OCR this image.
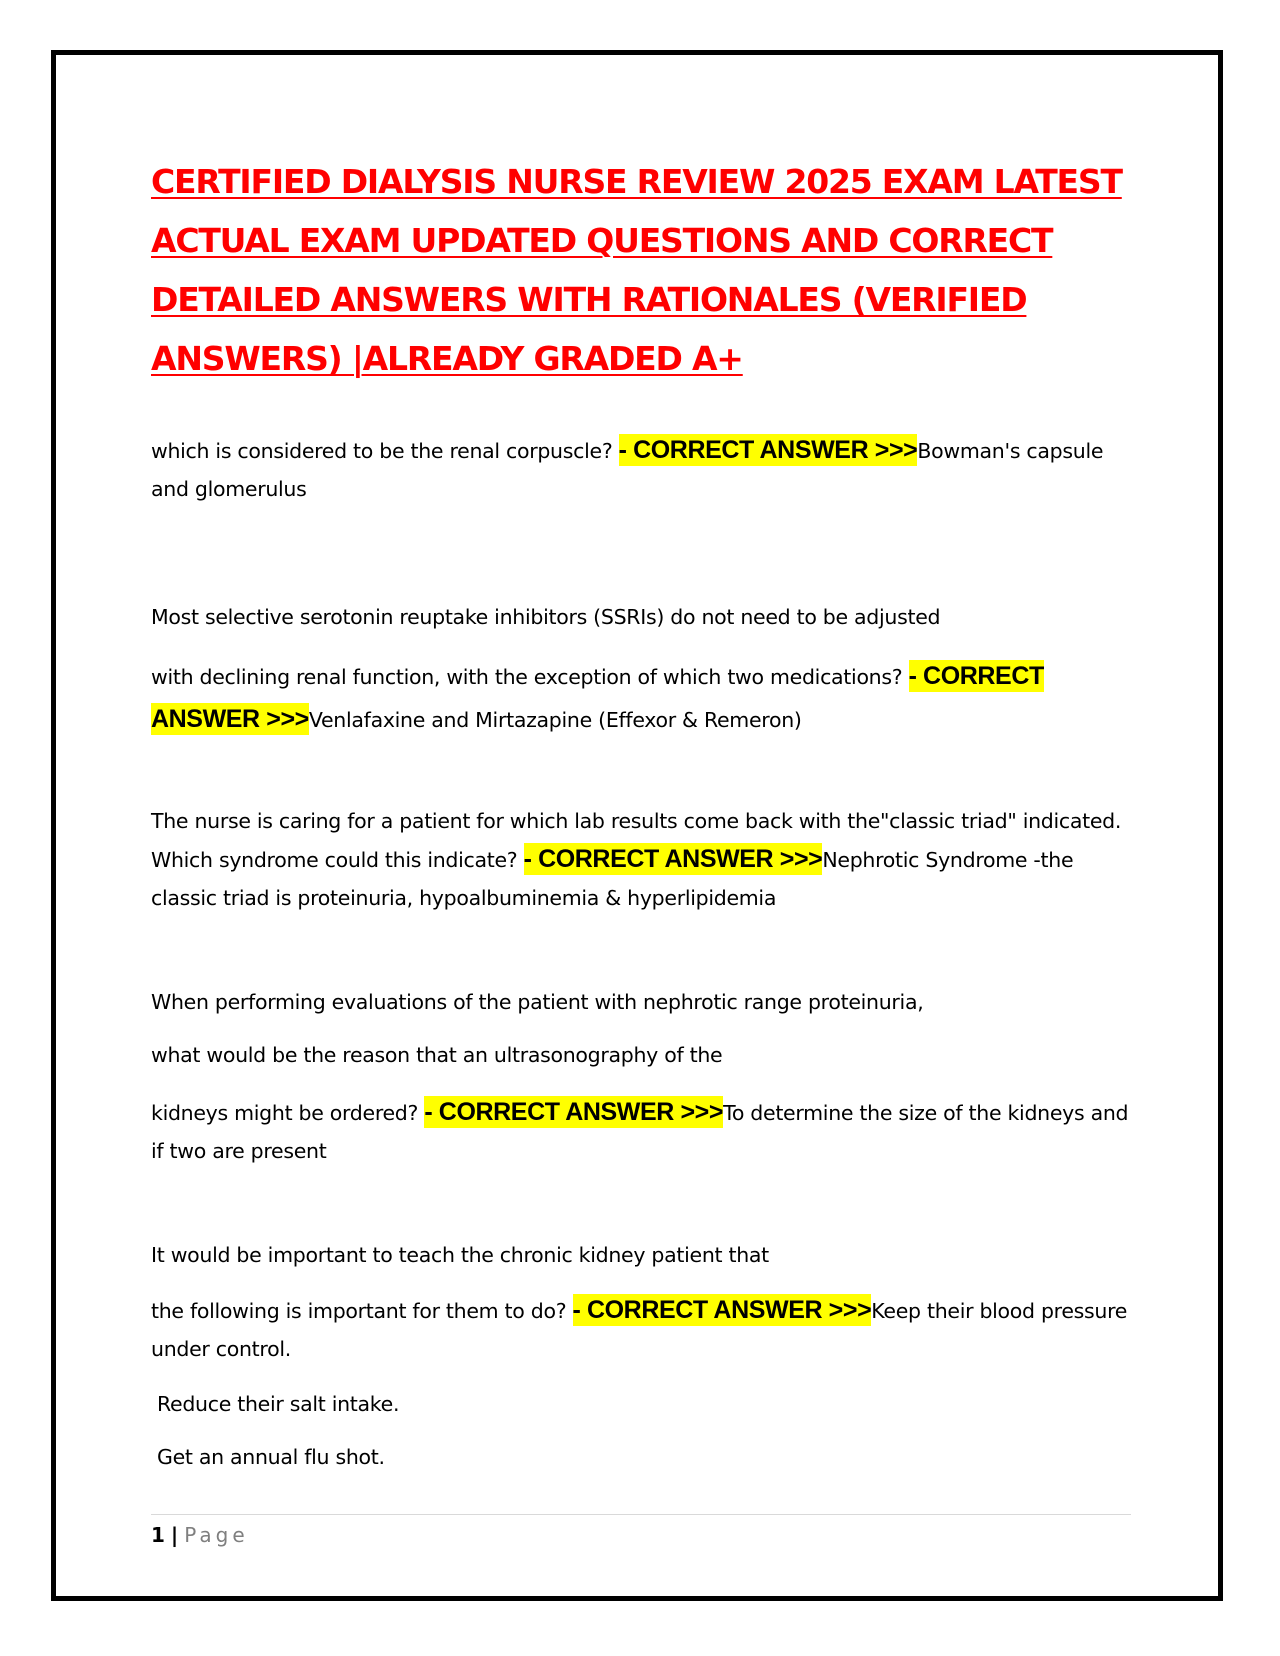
CERTIFIED DIALYSIS NURSE REVIEW 2025 EXAM LATEST ACTUAL EXAM UPDATED QUESTIONS AND CORRECT DETAILED ANSWERS WITH RATIONALES (VERIFIED ANSWERS) |ALREADY GRADED A+

which is considered to be the renal corpuscle? - CORRECT ANSWER >>>Bowman's capsule and glomerulus

Most selective serotonin reuptake inhibitors (SSRIs) do not need to be adjusted

with declining renal function, with the exception of which two medications? - CORRECT ANSWER >>>Venlafaxine and Mirtazapine (Effexor & Remeron)

The nurse is caring for a patient for which lab results come back with the"classic triad" indicated. Which syndrome could this indicate? - CORRECT ANSWER >>>Nephrotic Syndrome -the classic triad is proteinuria, hypoalbuminemia & hyperlipidemia

When performing evaluations of the patient with nephrotic range proteinuria,

what would be the reason that an ultrasonography of the

kidneys might be ordered? - CORRECT ANSWER >>>To determine the size of the kidneys and if two are present

It would be important to teach the chronic kidney patient that

the following is important for them to do? - CORRECT ANSWER >>>Keep their blood pressure under control.

Reduce their salt intake.

Get an annual flu shot.

1 | Page
